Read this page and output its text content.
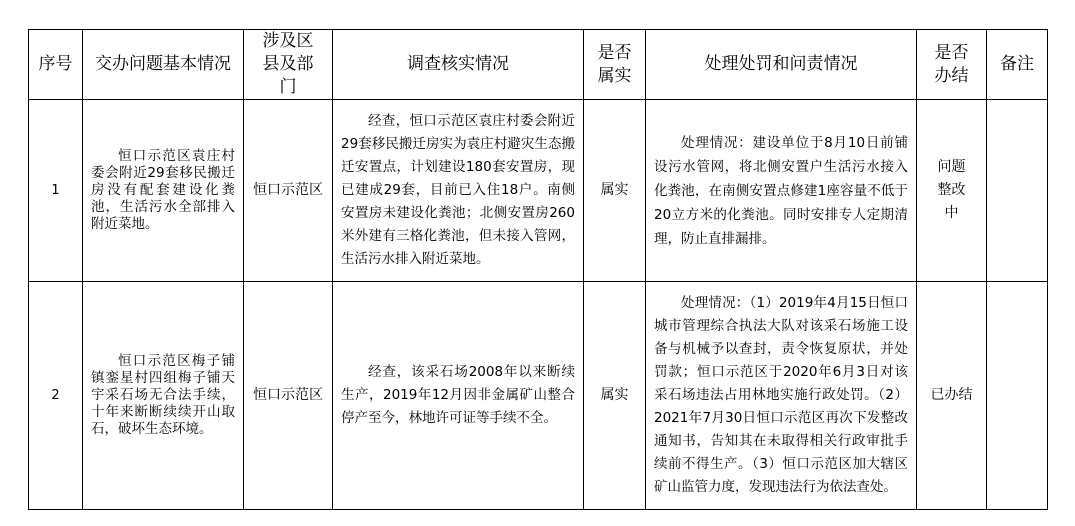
序号	交办问题基本情况	涉及区县及部门	调查核实情况	是否属实	处理处罚和问责情况	是否办结	备注
1	恒口示范区袁庄村委会附近29套移民搬迁房没有配套建设化粪池，生活污水全部排入附近菜地。	恒口示范区	经查，恒口示范区袁庄村委会附近29套移民搬迁房实为袁庄村避灾生态搬迁安置点，计划建设180套安置房，现已建成29套，目前已入住18户。南侧安置房未建设化粪池；北侧安置房260米外建有三格化粪池，但未接入管网，生活污水排入附近菜地。	属实	处理情况：建设单位于8月10日前铺设污水管网，将北侧安置户生活污水接入化粪池，在南侧安置点修建1座容量不低于20立方米的化粪池。同时安排专人定期清理，防止直排漏排。	问题整改中	
2	恒口示范区梅子铺镇銮星村四组梅子铺天宇采石场无合法手续，十年来断断续续开山取石，破坏生态环境。	恒口示范区	经查，该采石场2008年以来断续生产，2019年12月因非金属矿山整合停产至今，林地许可证等手续不全。	属实	处理情况：（1）2019年4月15日恒口城市管理综合执法大队对该采石场施工设备与机械予以查封，责令恢复原状，并处罚款；恒口示范区于2020年6月3日对该采石场违法占用林地实施行政处罚。（2）2021年7月30日恒口示范区再次下发整改通知书，告知其在未取得相关行政审批手续前不得生产。（3）恒口示范区加大辖区矿山监管力度，发现违法行为依法查处。	已办结	
